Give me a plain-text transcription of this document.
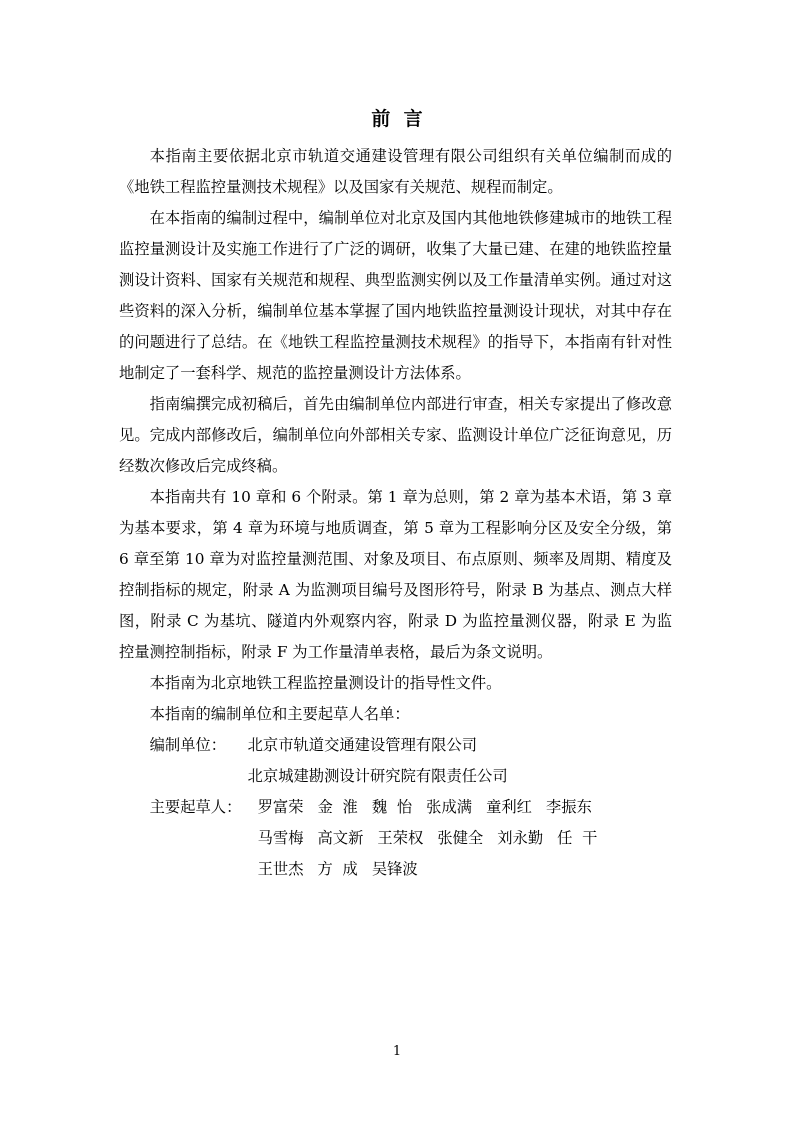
前  言

本指南主要依据北京市轨道交通建设管理有限公司组织有关单位编制而成的《地铁工程监控量测技术规程》以及国家有关规范、规程而制定。

在本指南的编制过程中，编制单位对北京及国内其他地铁修建城市的地铁工程监控量测设计及实施工作进行了广泛的调研，收集了大量已建、在建的地铁监控量测设计资料、国家有关规范和规程、典型监测实例以及工作量清单实例。通过对这些资料的深入分析，编制单位基本掌握了国内地铁监控量测设计现状，对其中存在的问题进行了总结。在《地铁工程监控量测技术规程》的指导下，本指南有针对性地制定了一套科学、规范的监控量测设计方法体系。

指南编撰完成初稿后，首先由编制单位内部进行审查，相关专家提出了修改意见。完成内部修改后，编制单位向外部相关专家、监测设计单位广泛征询意见，历经数次修改后完成终稿。

本指南共有 10 章和 6 个附录。第 1 章为总则，第 2 章为基本术语，第 3 章为基本要求，第 4 章为环境与地质调查，第 5 章为工程影响分区及安全分级，第 6 章至第 10 章为对监控量测范围、对象及项目、布点原则、频率及周期、精度及控制指标的规定，附录 A 为监测项目编号及图形符号，附录 B 为基点、测点大样图，附录 C 为基坑、隧道内外观察内容，附录 D 为监控量测仪器，附录 E 为监控量测控制指标，附录 F 为工作量清单表格，最后为条文说明。

本指南为北京地铁工程监控量测设计的指导性文件。

本指南的编制单位和主要起草人名单：

编制单位： 北京市轨道交通建设管理有限公司

北京城建勘测设计研究院有限责任公司

主要起草人： 罗富荣 金  淮 魏  怡 张成满 童利红 李振东

马雪梅 高文新 王荣权 张健全 刘永勤 任  干

王世杰 方  成 吴锋波

1
